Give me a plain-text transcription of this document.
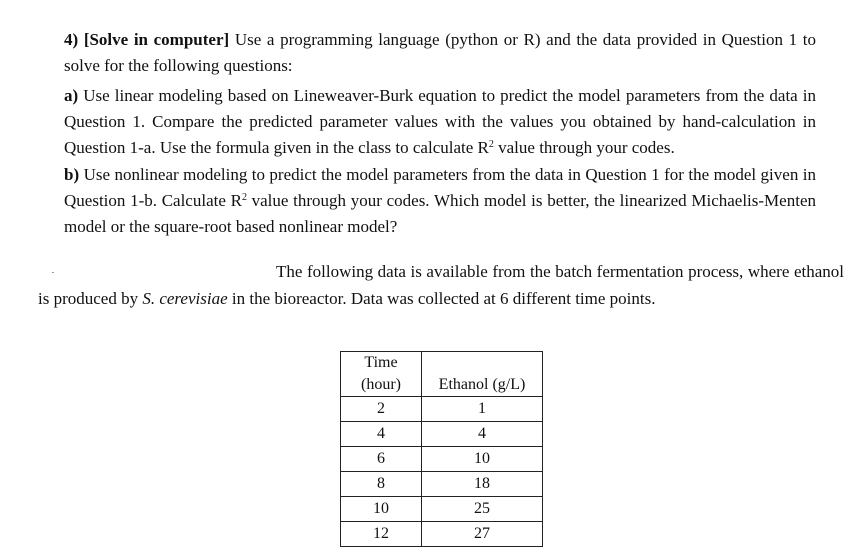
4) [Solve in computer] Use a programming language (python or R) and the data provided in Question 1 to solve for the following questions:

a) Use linear modeling based on Lineweaver-Burk equation to predict the model parameters from the data in Question 1. Compare the predicted parameter values with the values you obtained by hand-calculation in Question 1-a. Use the formula given in the class to calculate $R^2$ value through your codes.

b) Use nonlinear modeling to predict the model parameters from the data in Question 1 for the model given in Question 1-b. Calculate $R^2$ value through your codes. Which model is better, the linearized Michaelis-Menten model or the square-root based nonlinear model?

The following data is available from the batch fermentation process, where ethanol is produced by S. cerevisiae in the bioreactor. Data was collected at 6 different time points.

Time
(hour)	Ethanol (g/L)
2	1
4	4
6	10
8	18
10	25
12	27
